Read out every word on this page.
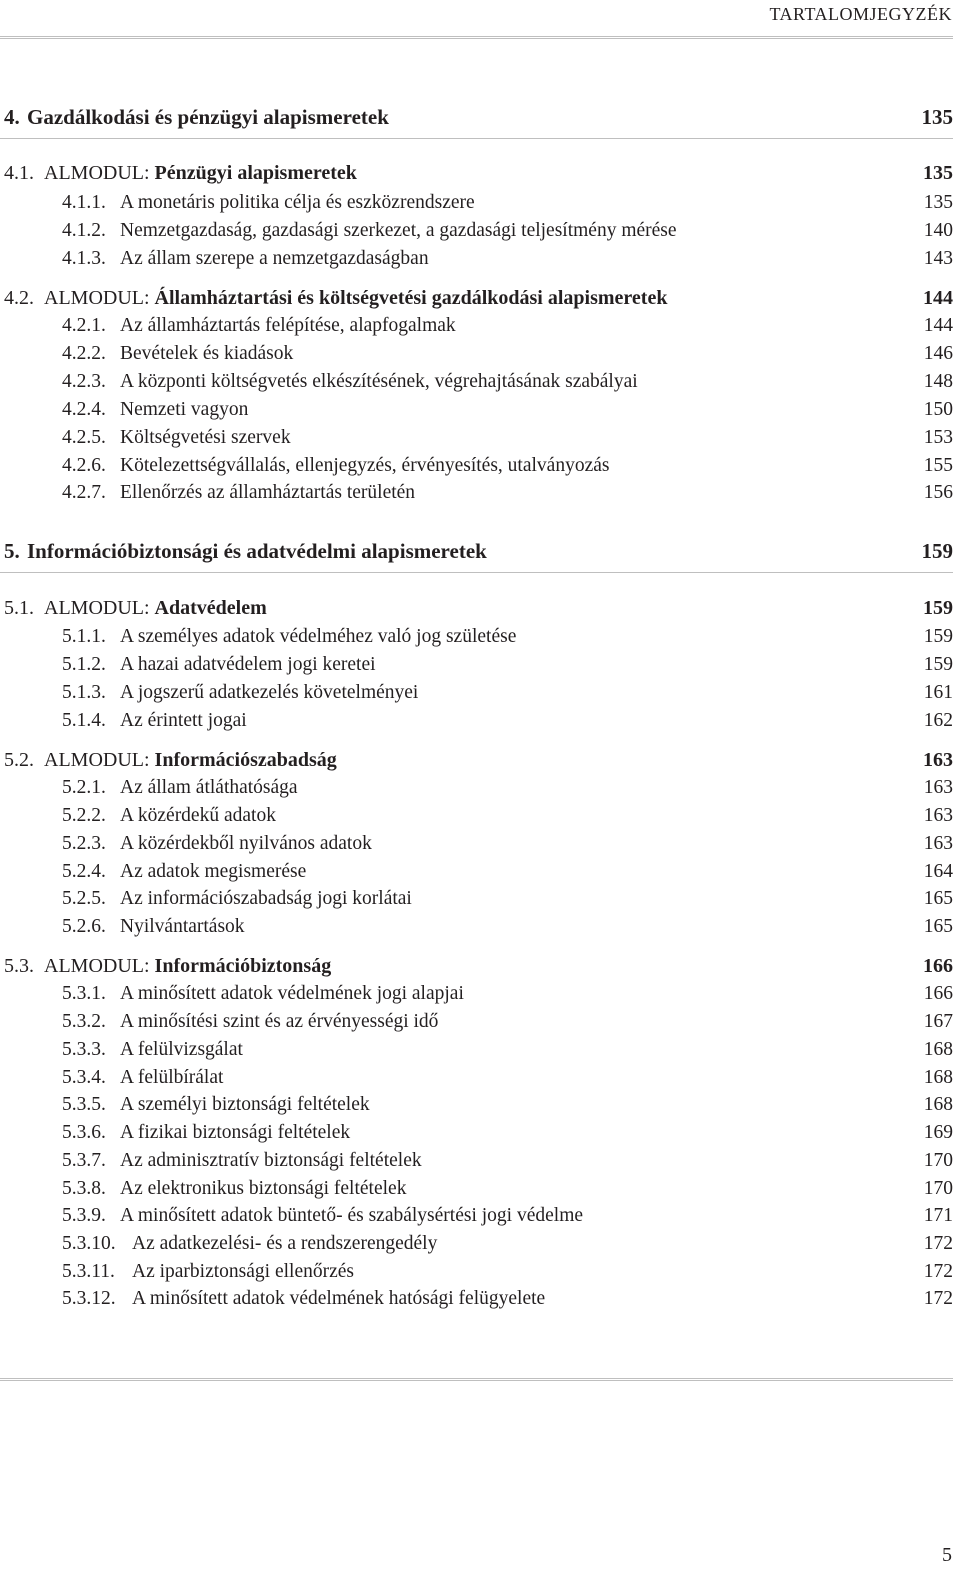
TARTALOMJEGYZÉK
4. Gazdálkodási és pénzügyi alapismeretek	135
4.1. ALMODUL: Pénzügyi alapismeretek	135
4.1.1. A monetáris politika célja és eszközrendszere	135
4.1.2. Nemzetgazdaság, gazdasági szerkezet, a gazdasági teljesítmény mérése	140
4.1.3. Az állam szerepe a nemzetgazdaságban	143
4.2. ALMODUL: Államháztartási és költségvetési gazdálkodási alapismeretek	144
4.2.1. Az államháztartás felépítése, alapfogalmak	144
4.2.2. Bevételek és kiadások	146
4.2.3. A központi költségvetés elkészítésének, végrehajtásának szabályai	148
4.2.4. Nemzeti vagyon	150
4.2.5. Költségvetési szervek	153
4.2.6. Kötelezettségvállalás, ellenjegyzés, érvényesítés, utalványozás	155
4.2.7. Ellenőrzés az államháztartás területén	156
5. Információbiztonsági és adatvédelmi alapismeretek	159
5.1. ALMODUL: Adatvédelem	159
5.1.1. A személyes adatok védelméhez való jog születése	159
5.1.2. A hazai adatvédelem jogi keretei	159
5.1.3. A jogszerű adatkezelés követelményei	161
5.1.4. Az érintett jogai	162
5.2. ALMODUL: Információszabadság	163
5.2.1. Az állam átláthatósága	163
5.2.2. A közérdekű adatok	163
5.2.3. A közérdekből nyilvános adatok	163
5.2.4. Az adatok megismerése	164
5.2.5. Az információszabadság jogi korlátai	165
5.2.6. Nyilvántartások	165
5.3. ALMODUL: Információbiztonság	166
5.3.1. A minősített adatok védelmének jogi alapjai	166
5.3.2. A minősítési szint és az érvényességi idő	167
5.3.3. A felülvizsgálat	168
5.3.4. A felülbírálat	168
5.3.5. A személyi biztonsági feltételek	168
5.3.6. A fizikai biztonsági feltételek	169
5.3.7. Az adminisztratív biztonsági feltételek	170
5.3.8. Az elektronikus biztonsági feltételek	170
5.3.9. A minősített adatok büntető- és szabálysértési jogi védelme	171
5.3.10. Az adatkezelési- és a rendszerengedély	172
5.3.11. Az iparbiztonsági ellenőrzés	172
5.3.12. A minősített adatok védelmének hatósági felügyelete	172
5
